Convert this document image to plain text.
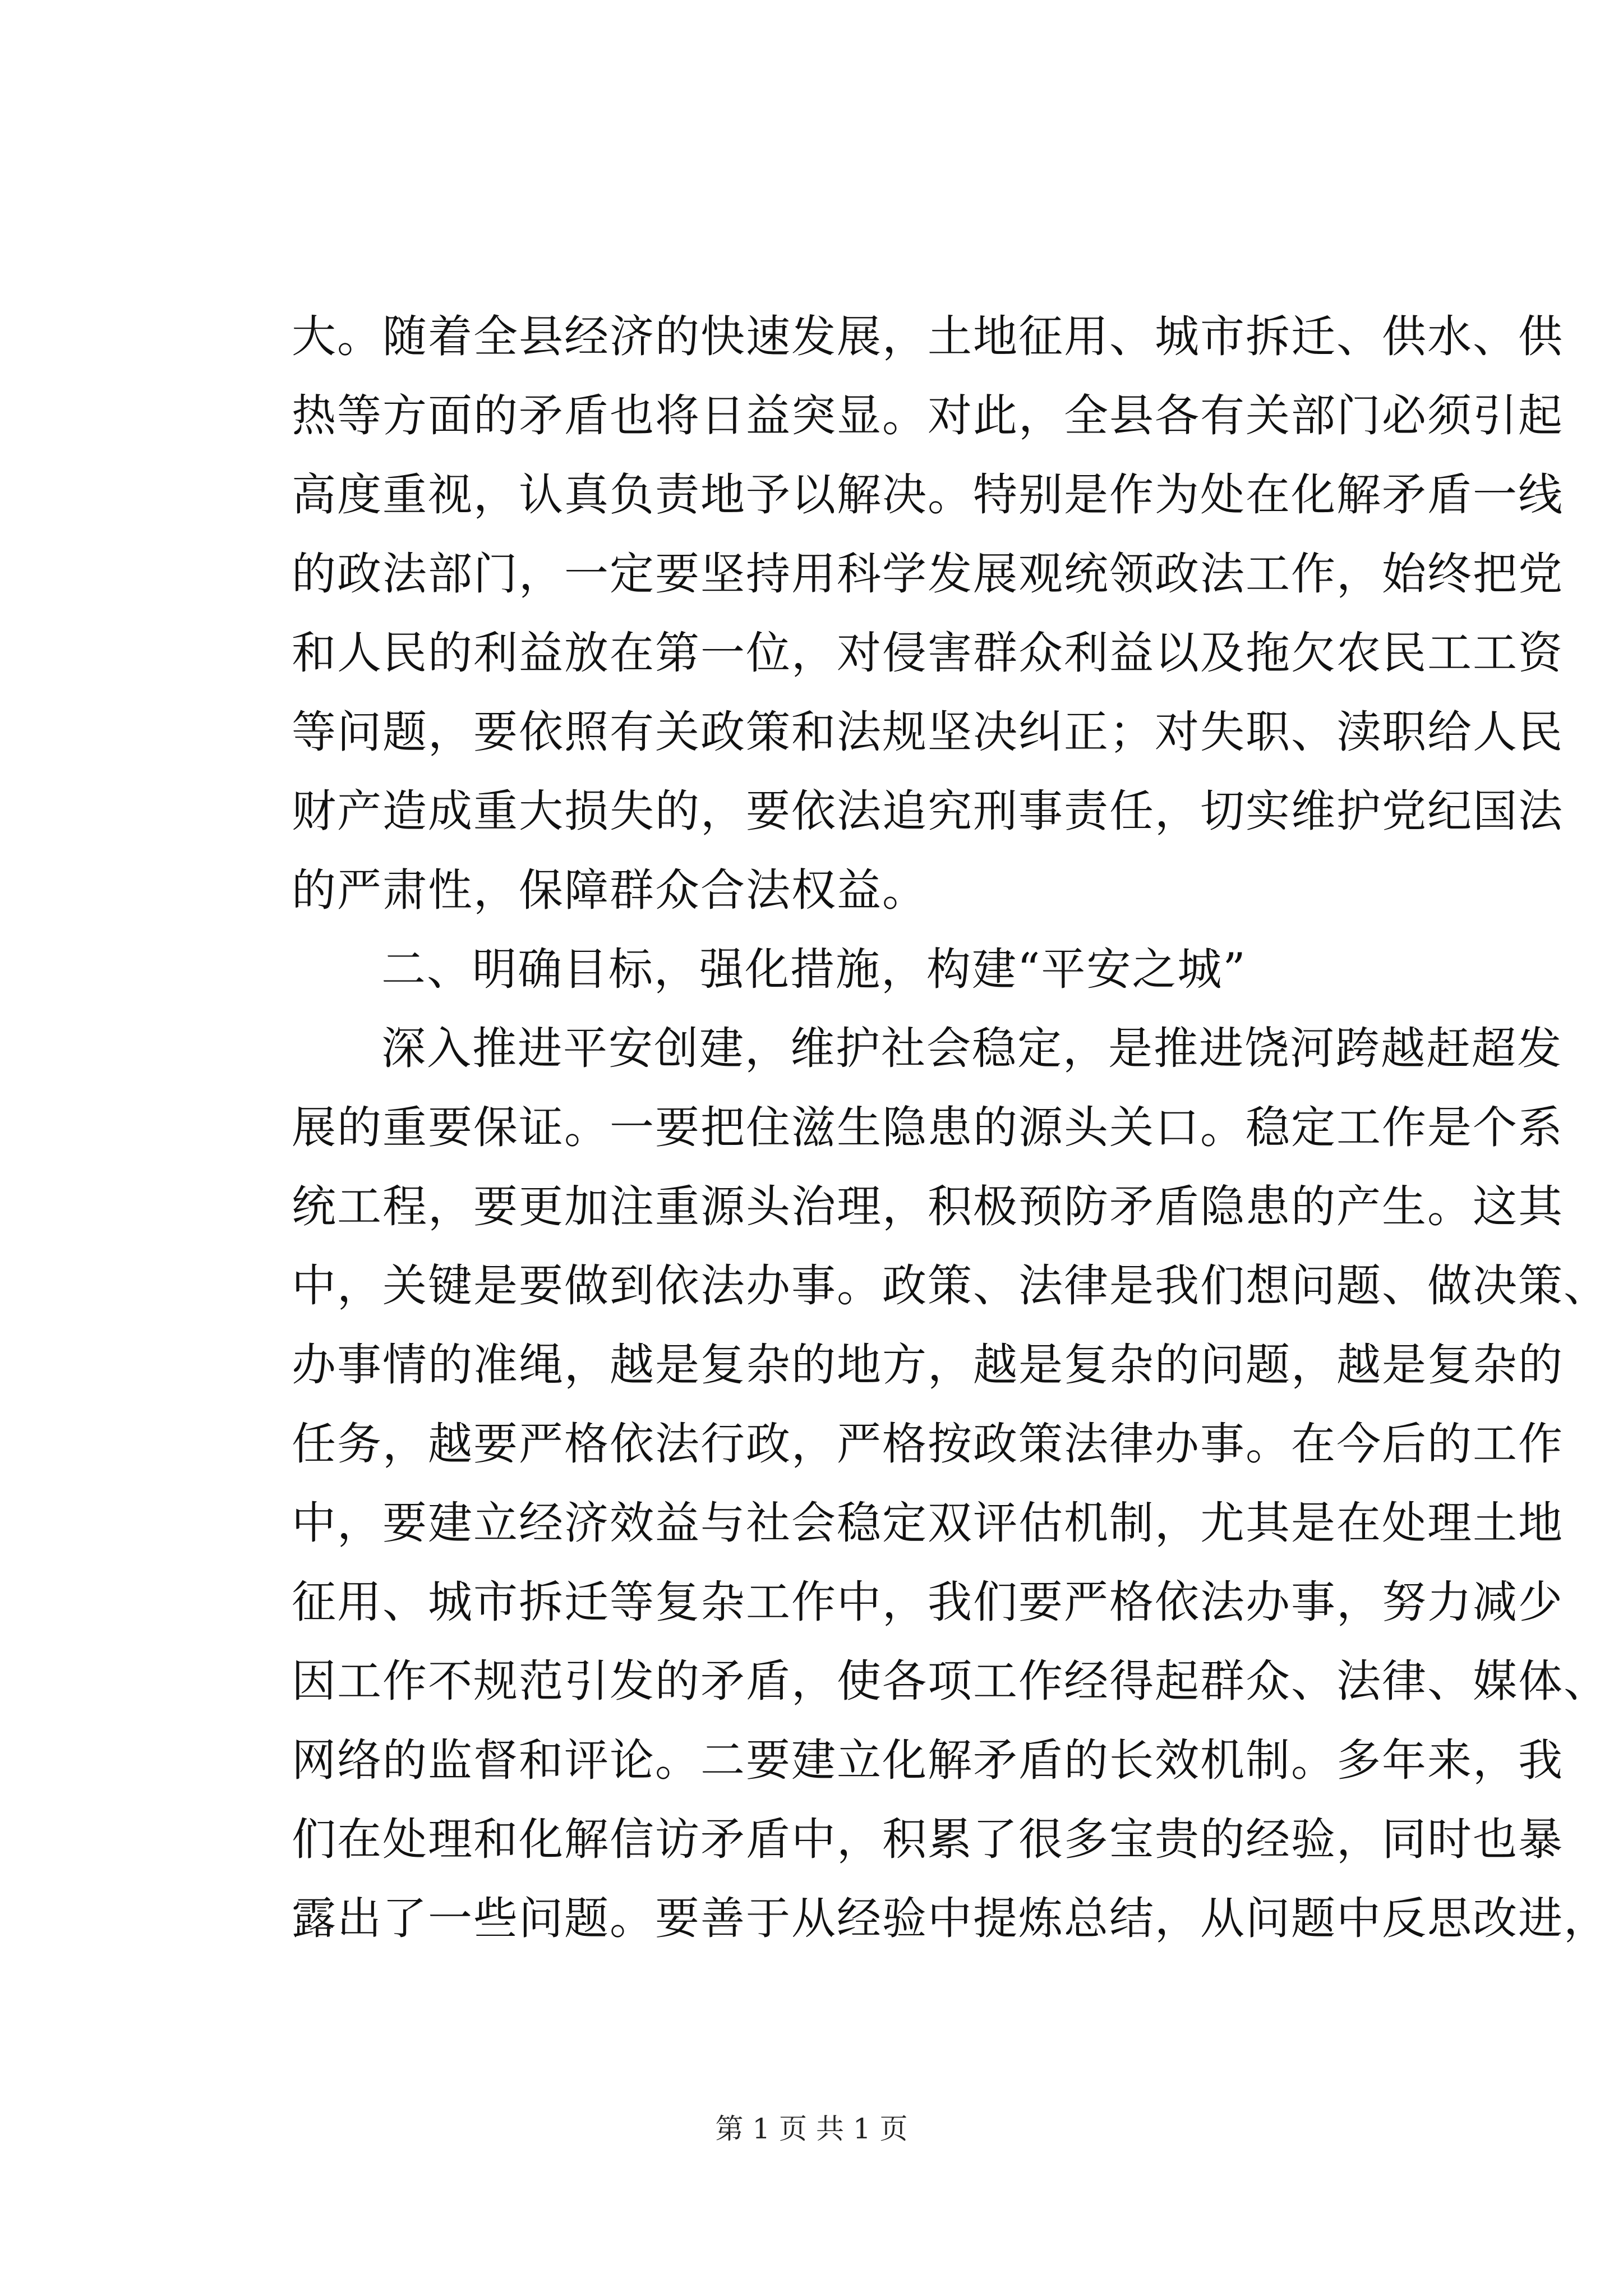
大。随着全县经济的快速发展，土地征用、城市拆迁、供水、供
热等方面的矛盾也将日益突显。对此，全县各有关部门必须引起
高度重视，认真负责地予以解决。特别是作为处在化解矛盾一线
的政法部门，一定要坚持用科学发展观统领政法工作，始终把党
和人民的利益放在第一位，对侵害群众利益以及拖欠农民工工资
等问题，要依照有关政策和法规坚决纠正；对失职、渎职给人民
财产造成重大损失的，要依法追究刑事责任，切实维护党纪国法
的严肃性，保障群众合法权益。
二、明确目标，强化措施，构建“平安之城”
深入推进平安创建，维护社会稳定，是推进饶河跨越赶超发
展的重要保证。一要把住滋生隐患的源头关口。稳定工作是个系
统工程，要更加注重源头治理，积极预防矛盾隐患的产生。这其
中，关键是要做到依法办事。政策、法律是我们想问题、做决策、
办事情的准绳，越是复杂的地方，越是复杂的问题，越是复杂的
任务，越要严格依法行政，严格按政策法律办事。在今后的工作
中，要建立经济效益与社会稳定双评估机制，尤其是在处理土地
征用、城市拆迁等复杂工作中，我们要严格依法办事，努力减少
因工作不规范引发的矛盾，使各项工作经得起群众、法律、媒体、
网络的监督和评论。二要建立化解矛盾的长效机制。多年来，我
们在处理和化解信访矛盾中，积累了很多宝贵的经验，同时也暴
露出了一些问题。要善于从经验中提炼总结，从问题中反思改进，
第 1 页 共 1 页
